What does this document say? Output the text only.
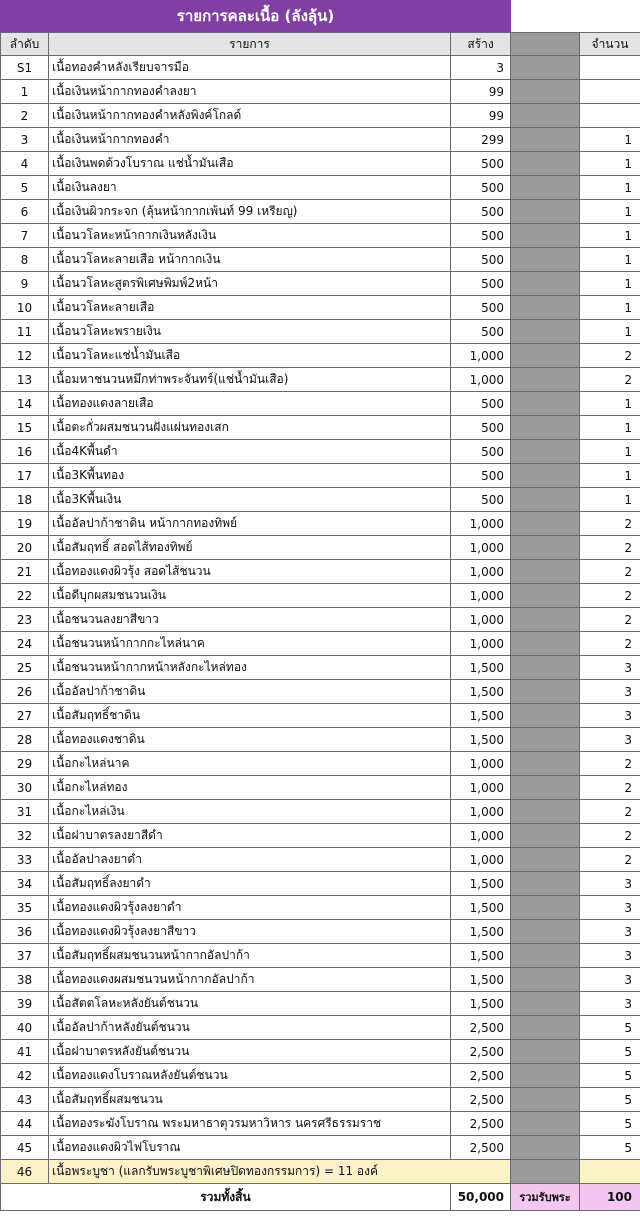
รายการคละเนื้อ (ลังลุ้น)
ลำดับ	รายการ	สร้าง		จำนวน
S1	เนื้อทองคำหลังเรียบจารมือ	3		
1	เนื้อเงินหน้ากากทองคำลงยา	99		
2	เนื้อเงินหน้ากากทองคำหลังพิงค์โกลด์	99		
3	เนื้อเงินหน้ากากทองคำ	299		1
4	เนื้อเงินพดด้วงโบราณ แช่น้ำมันเสือ	500		1
5	เนื้อเงินลงยา	500		1
6	เนื้อเงินผิวกระจก (ลุ้นหน้ากากเพ้นท์ 99 เหรียญ)	500		1
7	เนื้อนวโลหะหน้ากากเงินหลังเงิน	500		1
8	เนื้อนวโลหะลายเสือ หน้ากากเงิน	500		1
9	เนื้อนวโลหะสูตรพิเศษพิมพ์2หน้า	500		1
10	เนื้อนวโลหะลายเสือ	500		1
11	เนื้อนวโลหะพรายเงิน	500		1
12	เนื้อนวโลหะแช่น้ำมันเสือ	1,000		2
13	เนื้อมหาชนวนหมึกท่าพระจันทร์(แช่น้ำมันเสือ)	1,000		2
14	เนื้อทองแดงลายเสือ	500		1
15	เนื้อตะกั่วผสมชนวนฝังแผ่นทองเสก	500		1
16	เนื้อ4Kพื้นดำ	500		1
17	เนื้อ3Kพื้นทอง	500		1
18	เนื้อ3Kพื้นเงิน	500		1
19	เนื้ออัลปาก้าชาดิน หน้ากากทองทิพย์	1,000		2
20	เนื้อสัมฤทธิ์ สอดไส้ทองทิพย์	1,000		2
21	เนื้อทองแดงผิวรุ้ง สอดไส้ชนวน	1,000		2
22	เนื้อดีบุกผสมชนวนเงิน	1,000		2
23	เนื้อชนวนลงยาสีขาว	1,000		2
24	เนื้อชนวนหน้ากากกะไหล่นาค	1,000		2
25	เนื้อชนวนหน้ากากหน้าหลังกะไหล่ทอง	1,500		3
26	เนื้ออัลปาก้าชาดิน	1,500		3
27	เนื้อสัมฤทธิ์ชาดิน	1,500		3
28	เนื้อทองแดงชาดิน	1,500		3
29	เนื้อกะไหล่นาค	1,000		2
30	เนื้อกะไหล่ทอง	1,000		2
31	เนื้อกะไหล่เงิน	1,000		2
32	เนื้อฝาบาตรลงยาสีดำ	1,000		2
33	เนื้ออัลปาลงยาดำ	1,000		2
34	เนื้อสัมฤทธิ์ลงยาดำ	1,500		3
35	เนื้อทองแดงผิวรุ้งลงยาดำ	1,500		3
36	เนื้อทองแดงผิวรุ้งลงยาสีขาว	1,500		3
37	เนื้อสัมฤทธิ์ผสมชนวนหน้ากากอัลปาก้า	1,500		3
38	เนื้อทองแดงผสมชนวนหน้ากากอัลปาก้า	1,500		3
39	เนื้อสัตตโลหะหลังยันต์ชนวน	1,500		3
40	เนื้ออัลปาก้าหลังยันต์ชนวน	2,500		5
41	เนื้อฝาบาตรหลังยันต์ชนวน	2,500		5
42	เนื้อทองแดงโบราณหลังยันต์ชนวน	2,500		5
43	เนื้อสัมฤทธิ์ผสมชนวน	2,500		5
44	เนื้อทองระฆังโบราณ พระมหาธาตุวรมหาวิหาร นครศรีธรรมราช	2,500		5
45	เนื้อทองแดงผิวไฟโบราณ	2,500		5
46	เนื้อพระบูชา (แลกรับพระบูชาพิเศษปิดทองกรรมการ) = 11 องค์			
รวมทั้งสิ้น		50,000	รวมรับพระ	100
